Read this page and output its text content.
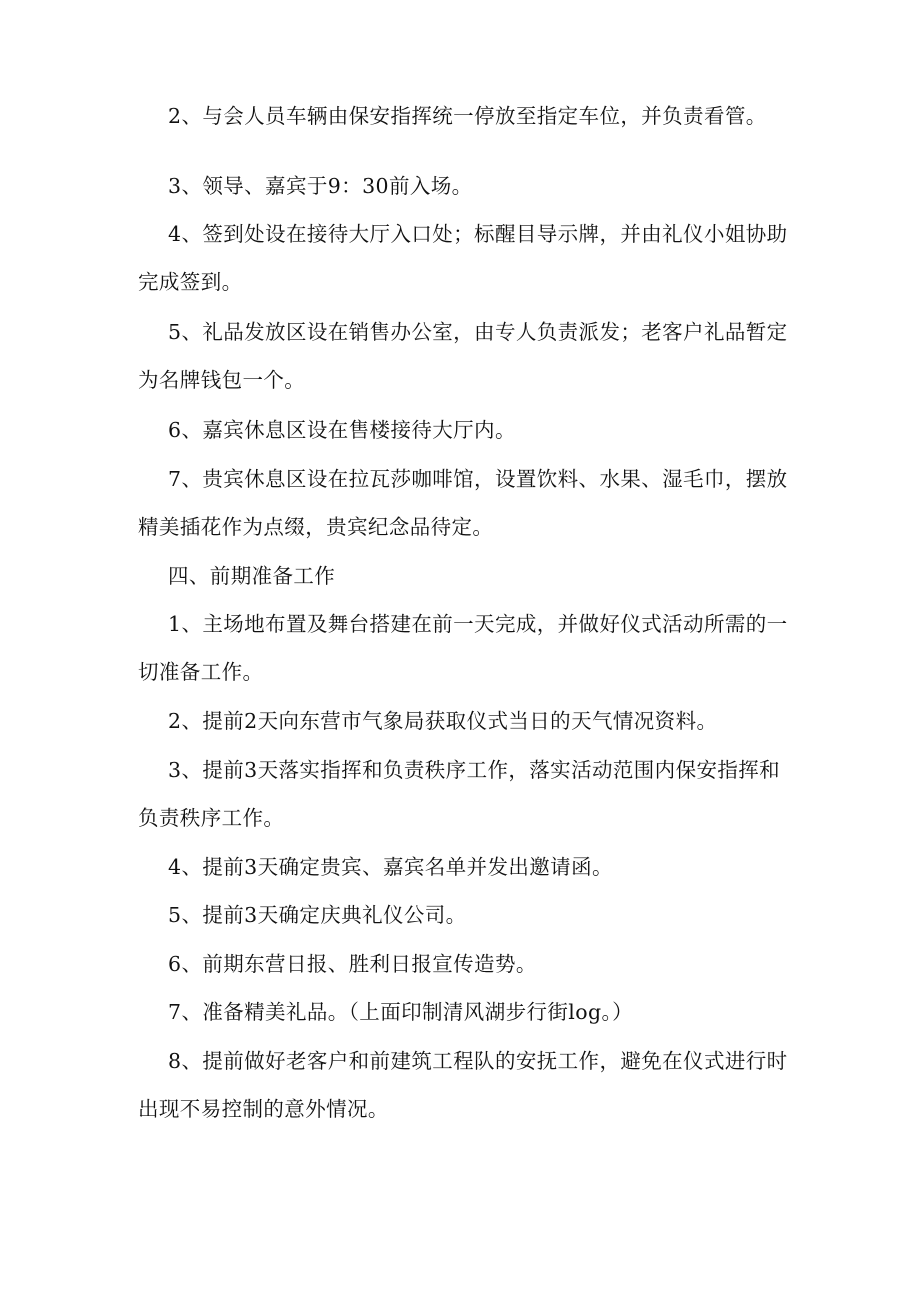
2、与会人员车辆由保安指挥统一停放至指定车位，并负责看管。

3、领导、嘉宾于9：30前入场。

4、签到处设在接待大厅入口处；标醒目导示牌，并由礼仪小姐协助完成签到。

5、礼品发放区设在销售办公室，由专人负责派发；老客户礼品暂定为名牌钱包一个。

6、嘉宾休息区设在售楼接待大厅内。

7、贵宾休息区设在拉瓦莎咖啡馆，设置饮料、水果、湿毛巾，摆放精美插花作为点缀，贵宾纪念品待定。

四、前期准备工作

1、主场地布置及舞台搭建在前一天完成，并做好仪式活动所需的一切准备工作。

2、提前2天向东营市气象局获取仪式当日的天气情况资料。

3、提前3天落实指挥和负责秩序工作，落实活动范围内保安指挥和负责秩序工作。

4、提前3天确定贵宾、嘉宾名单并发出邀请函。

5、提前3天确定庆典礼仪公司。

6、前期东营日报、胜利日报宣传造势。

7、准备精美礼品。（上面印制清风湖步行街log。）

8、提前做好老客户和前建筑工程队的安抚工作，避免在仪式进行时出现不易控制的意外情况。
